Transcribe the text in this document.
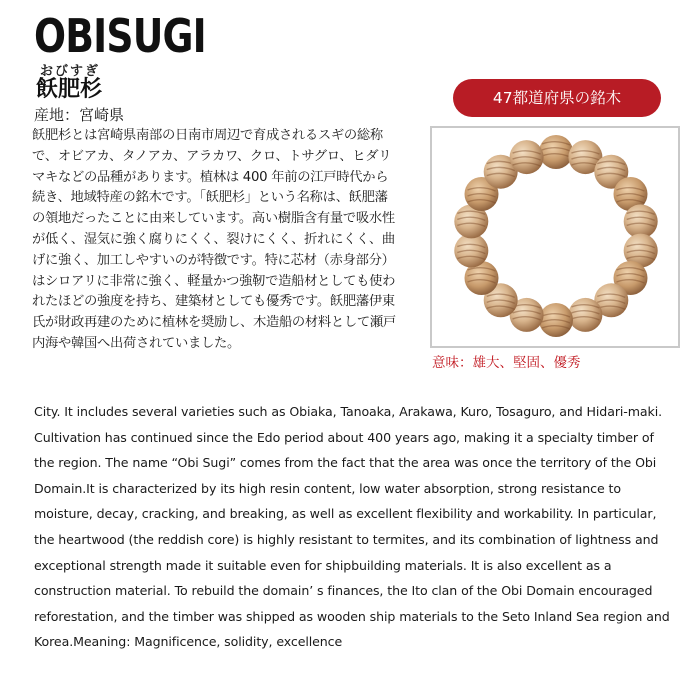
OBISUGI
おびすぎ
飫肥杉
産地：宮崎県

飫肥杉とは宮崎県南部の日南市周辺で育成されるスギの総称で、オビアカ、タノアカ、アラカワ、クロ、トサグロ、ヒダリマキなどの品種があります。植林は 400 年前の江戸時代から続き、地域特産の銘木です。「飫肥杉」という名称は、飫肥藩の領地だったことに由来しています。高い樹脂含有量で吸水性が低く、湿気に強く腐りにくく、裂けにくく、折れにくく、曲げに強く、加工しやすいのが特徴です。特に芯材（赤身部分）はシロアリに非常に強く、軽量かつ強靭で造船材としても使われたほどの強度を持ち、建築材としても優秀です。飫肥藩伊東氏が財政再建のために植林を奨励し、木造船の材料として瀬戸内海や韓国へ出荷されていました。

47都道府県の銘木
意味：雄大、堅固、優秀

City. It includes several varieties such as Obiaka, Tanoaka, Arakawa, Kuro, Tosaguro, and Hidari-maki. Cultivation has continued since the Edo period about 400 years ago, making it a specialty timber of the region. The name “Obi Sugi” comes from the fact that the area was once the territory of the Obi Domain.It is characterized by its high resin content, low water absorption, strong resistance to moisture, decay, cracking, and breaking, as well as excellent flexibility and workability. In particular, the heartwood (the reddish core) is highly resistant to termites, and its combination of lightness and exceptional strength made it suitable even for shipbuilding materials. It is also excellent as a construction material. To rebuild the domain’ s finances, the Ito clan of the Obi Domain encouraged reforestation, and the timber was shipped as wooden ship materials to the Seto Inland Sea region and Korea.Meaning: Magnificence, solidity, excellence
